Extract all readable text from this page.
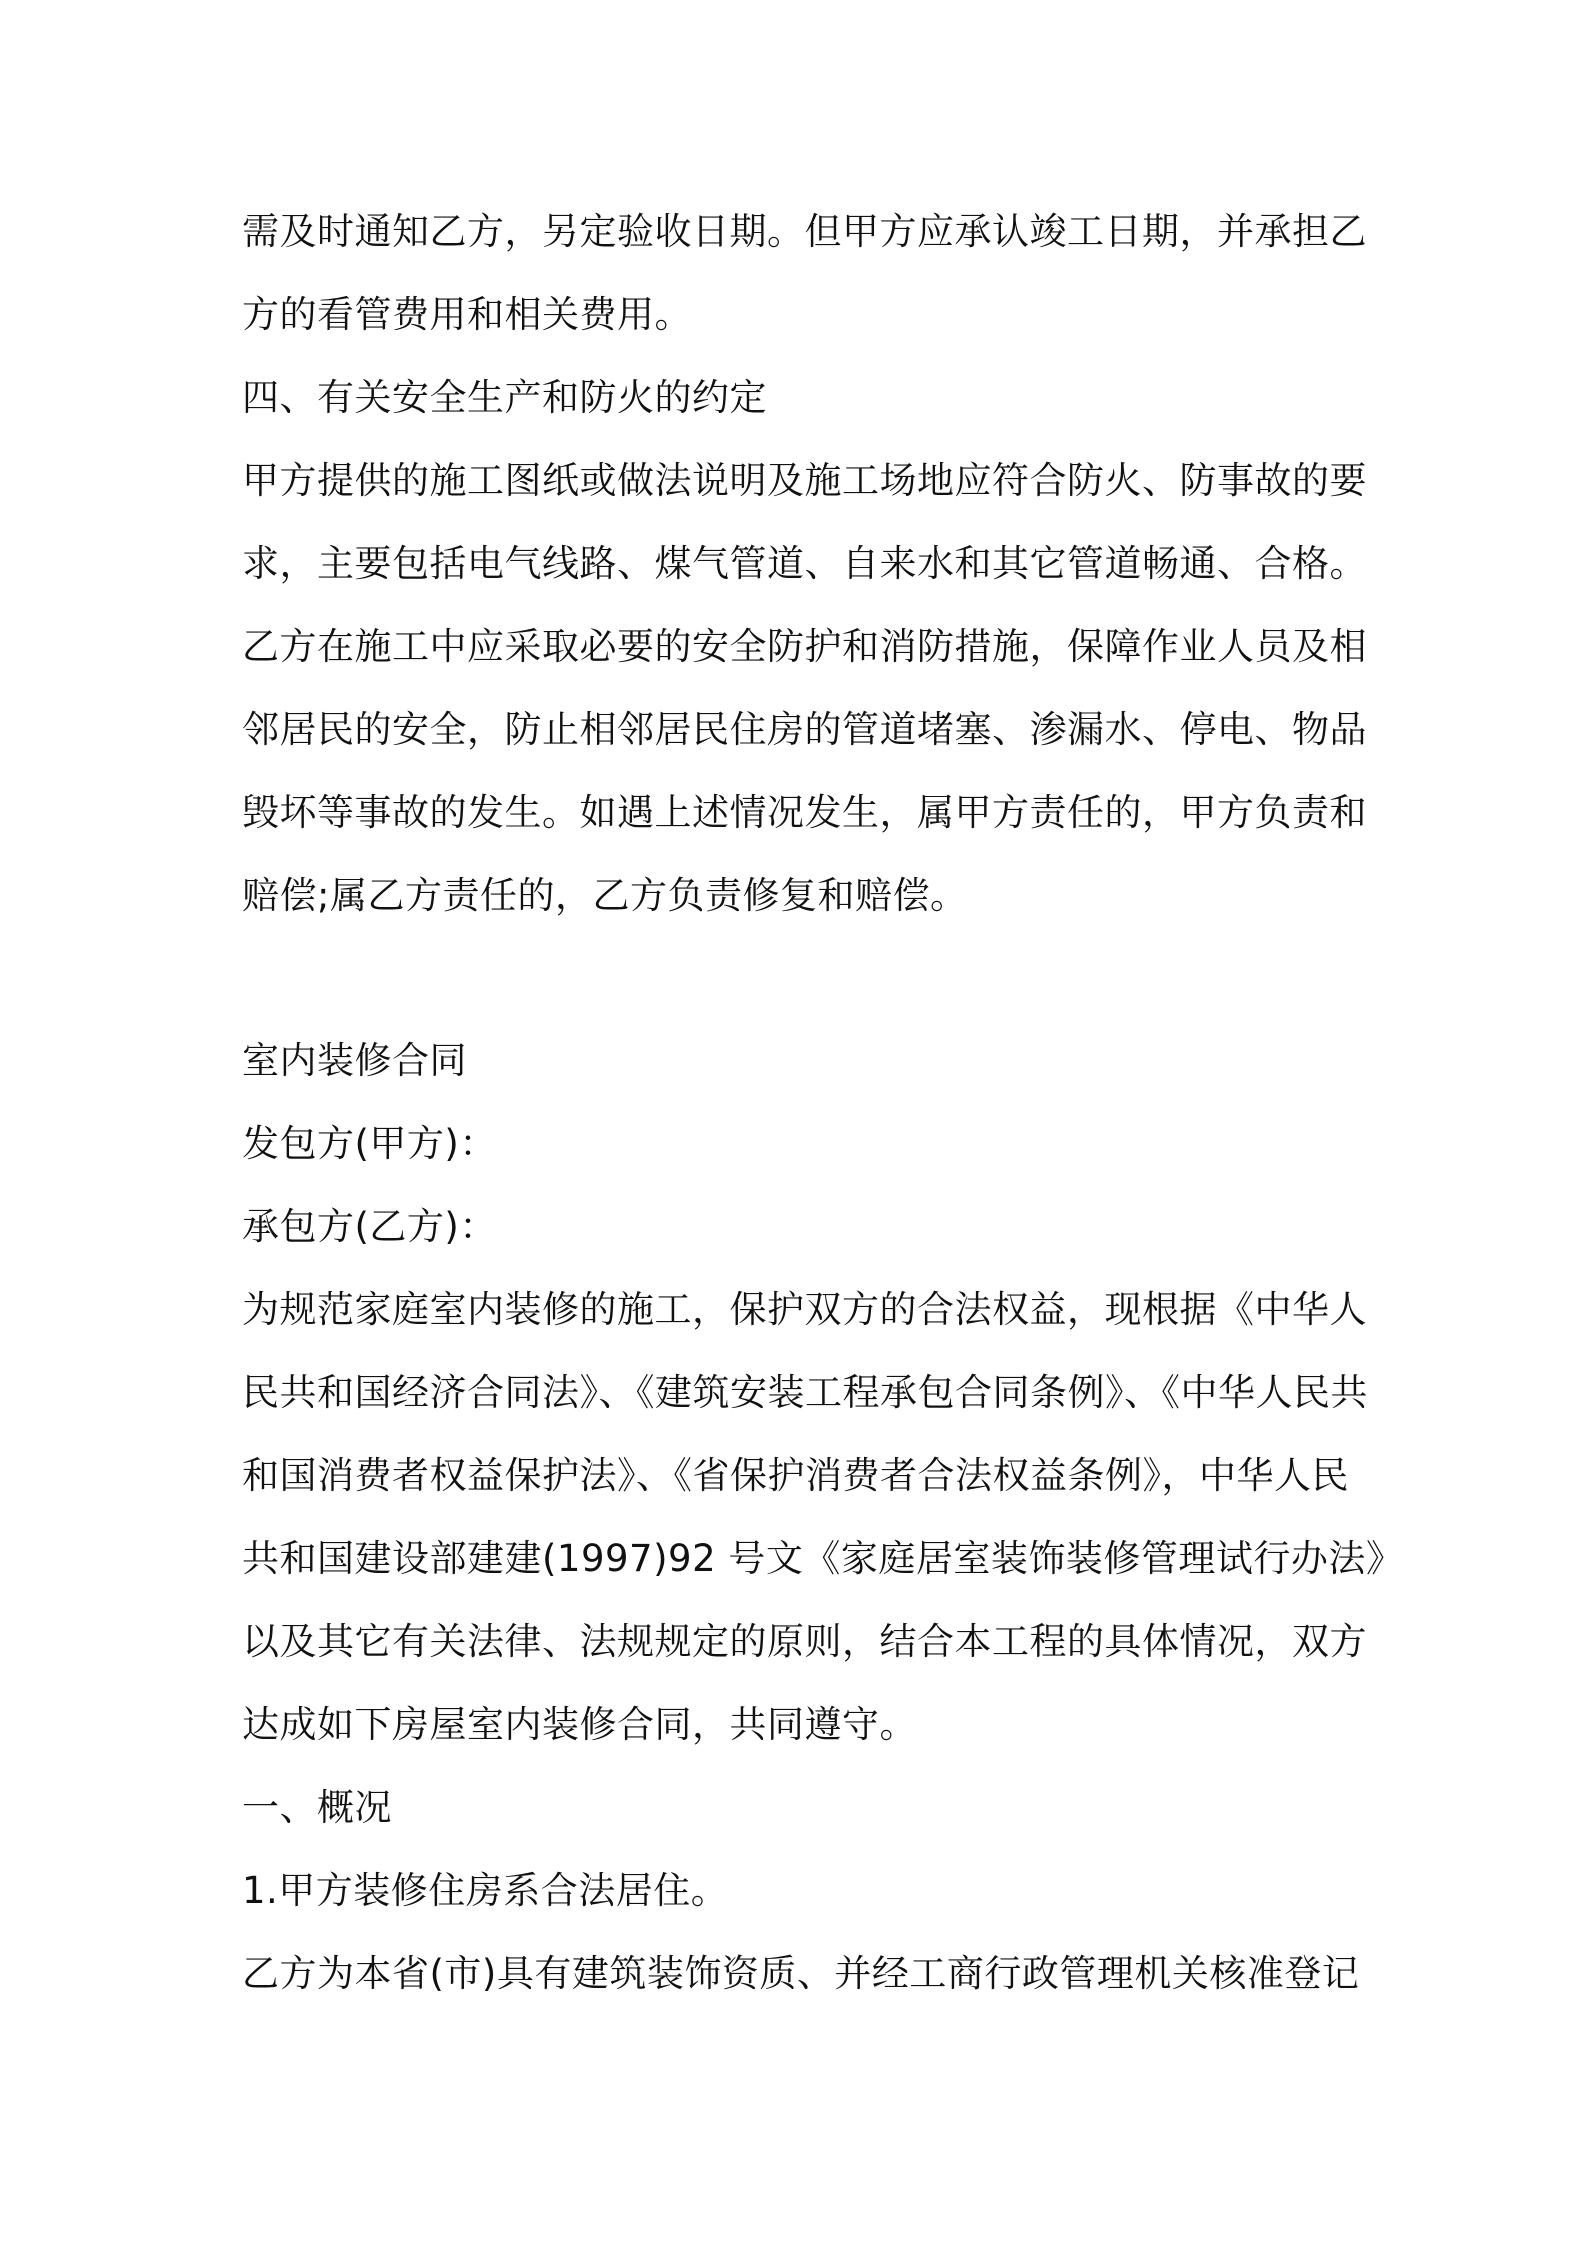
需及时通知乙方，另定验收日期。但甲方应承认竣工日期，并承担乙
方的看管费用和相关费用。
四、有关安全生产和防火的约定
甲方提供的施工图纸或做法说明及施工场地应符合防火、防事故的要
求，主要包括电气线路、煤气管道、自来水和其它管道畅通、合格。
乙方在施工中应采取必要的安全防护和消防措施，保障作业人员及相
邻居民的安全，防止相邻居民住房的管道堵塞、渗漏水、停电、物品
毁坏等事故的发生。如遇上述情况发生，属甲方责任的，甲方负责和
赔偿;属乙方责任的，乙方负责修复和赔偿。
室内装修合同
发包方(甲方)：
承包方(乙方)：
为规范家庭室内装修的施工，保护双方的合法权益，现根据《中华人
民共和国经济合同法》、《建筑安装工程承包合同条例》、《中华人民共
和国消费者权益保护法》、《省保护消费者合法权益条例》，中华人民
共和国建设部建建(1997)92 号文《家庭居室装饰装修管理试行办法》
以及其它有关法律、法规规定的原则，结合本工程的具体情况，双方
达成如下房屋室内装修合同，共同遵守。
一、概况
1.甲方装修住房系合法居住。
乙方为本省(市)具有建筑装饰资质、并经工商行政管理机关核准登记
